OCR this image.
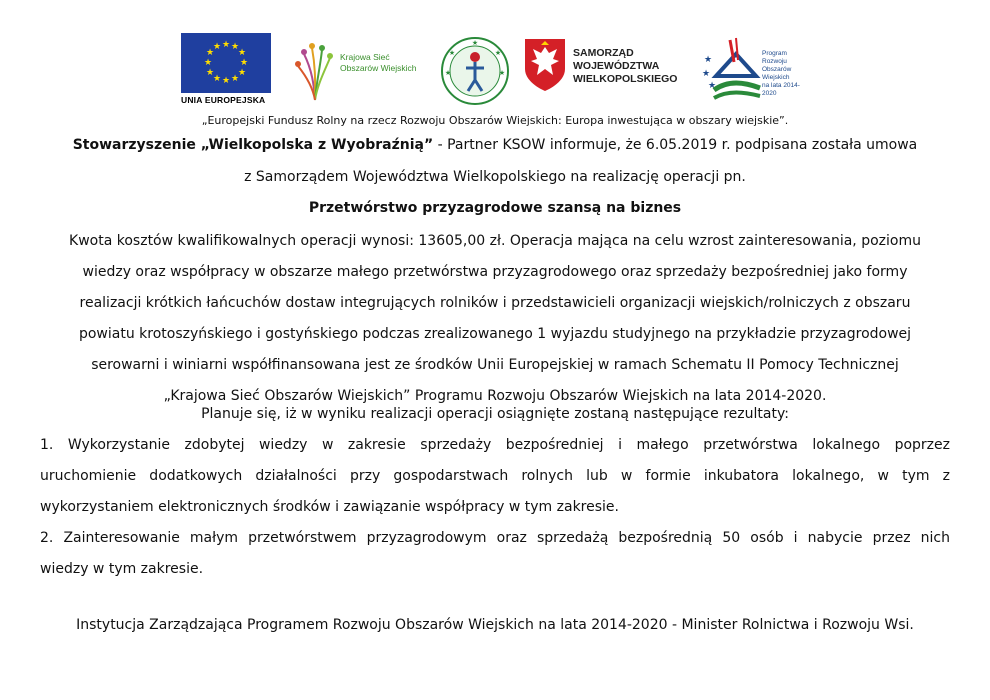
★ ★
★
★
★
★
★
★
★
★
★
★
UNIA EUROPEJSKA
Krajowa Sieć
Obszarów Wiejskich
★	★
★	★
★
SAMORZĄD WOJEWÓDZTWA
WIELKOPOLSKIEGO
★
★
★
Program
Rozwoju
Obszarów
Wiejskich
na lata 2014-2020
„Europejski Fundusz Rolny na rzecz Rozwoju Obszarów Wiejskich: Europa inwestująca w obszary wiejskie”.
Stowarzyszenie „Wielkopolska z Wyobraźnią” - Partner KSOW informuje, że 6.05.2019 r. podpisana została umowa
z Samorządem Województwa Wielkopolskiego na realizację operacji pn.
Przetwórstwo przyzagrodowe szansą na biznes
Kwota kosztów kwalifikowalnych operacji wynosi: 13605,00 zł. Operacja mająca na celu wzrost zainteresowania, poziomu
wiedzy oraz współpracy w obszarze małego przetwórstwa przyzagrodowego oraz sprzedaży bezpośredniej jako formy
realizacji krótkich łańcuchów dostaw integrujących rolników i przedstawicieli organizacji wiejskich/rolniczych z obszaru
powiatu krotoszyńskiego i gostyńskiego podczas zrealizowanego 1 wyjazdu studyjnego na przykładzie przyzagrodowej
serowarni i winiarni współfinansowana jest ze środków Unii Europejskiej w ramach Schematu II Pomocy Technicznej
„Krajowa Sieć Obszarów Wiejskich” Programu Rozwoju Obszarów Wiejskich na lata 2014-2020.
Planuje się, iż w wyniku realizacji operacji osiągnięte zostaną następujące rezultaty:
1. Wykorzystanie zdobytej wiedzy w zakresie sprzedaży bezpośredniej i małego przetwórstwa lokalnego poprzez
uruchomienie dodatkowych działalności przy gospodarstwach rolnych lub w formie inkubatora lokalnego, w tym z
wykorzystaniem elektronicznych środków i zawiązanie współpracy w tym zakresie.
2. Zainteresowanie małym przetwórstwem przyzagrodowym oraz sprzedażą bezpośrednią 50 osób i nabycie przez nich
wiedzy w tym zakresie.
Instytucja Zarządzająca Programem Rozwoju Obszarów Wiejskich na lata 2014-2020 - Minister Rolnictwa i Rozwoju Wsi.
